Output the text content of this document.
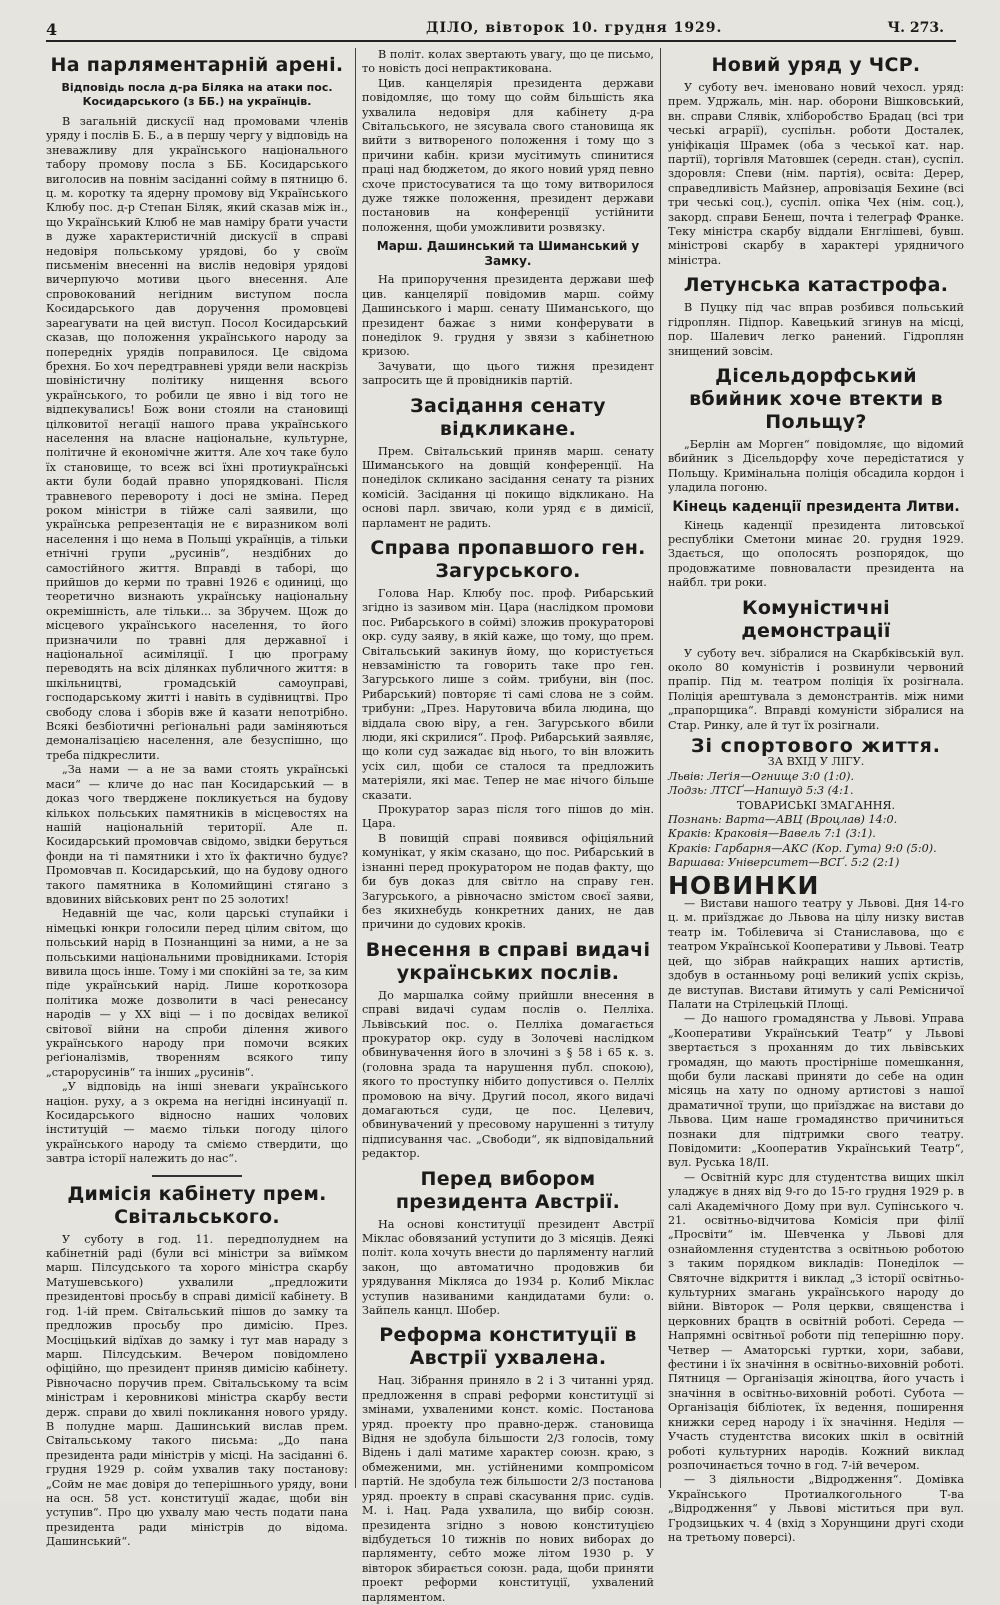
4	ДІЛО, вівторок 10. грудня 1929.	Ч. 273.
На парляментарній арені.
Відповідь посла д-ра Біляка на атаки пос. Косидарського (з ББ.) на українців.

В загальній дискусії над промовами членів уряду і послів Б. Б., а в першу чергу у відповідь на зневажливу для українського національного табору промову посла з ББ. Косидарського виголосив на повнім засіданні сойму в пятницю 6. ц. м. коротку та ядерну промову від Українського Клюбу пос. д-р Степан Біляк, який сказав між ін., що Український Клюб не мав наміру брати участи в дуже характеристичній дискусії в справі недовіря польському урядові, бо у своїм письменім внесенні на вислів недовіря урядові вичерпуючо мотиви цього внесення. Але спровокований негідним виступом посла Косидарського дав доручення промовцеві зареагувати на цей виступ. Посол Косидарський сказав, що положення українського народу за попередніх урядів поправилося. Це свідома брехня. Бо хоч передтравневі уряди вели наскрізь шовіністичну політику нищення всього українського, то робили це явно і від того не відпекувались! Бож вони стояли на становищі цілковитої негації нашого права українського населення на власне національне, культурне, політичне й економічне життя. Але хоч таке було їх становище, то всеж всі їхні протиукраїнські акти були бодай правно упорядковані. Після травневого перевороту і досі не зміна. Перед роком міністри в тійже салі заявили, що українська репрезентація не є виразником волі населення і що нема в Польщі українців, а тільки етнічні групи „русинів“, нездібних до самостійного життя. Вправді в таборі, що прийшов до керми по травні 1926 є одиниці, що теоретично визнають українську національну окремішність, але тільки... за Збручем. Щож до місцевого українського населення, то його призначили по травні для державної і національної асиміляції. І цю програму переводять на всіх ділянках публичного життя: в шкільництві, громадській самоуправі, господарському житті і навіть в судівництві. Про свободу слова і зборів вже й казати непотрібно. Всякі безбіотичні реґіональні ради заміняються демоналізацією населення, але безуспішно, що треба підкреслити.

„За нами — а не за вами стоять українські маси“ — кличе до нас пан Косидарський — в доказ чого тверджене покликується на будову кількох польських памятників в місцевостях на нашій національній території. Але п. Косидарський промовчав свідомо, звідки беруться фонди на ті памятники і хто їх фактично будує? Промовчав п. Косидарський, що на будову одного такого памятника в Коломийщині стягано з вдовиних військових рент по 25 золотих!

Недавній ще час, коли царські ступайки і німецькі юнкри голосили перед цілим світом, що польський нарід в Познанщині за ними, а не за польськими національними провідниками. Історія вивила щось інше. Тому і ми спокійні за те, за ким піде український нарід. Лише короткозора політика може дозволити в часі ренесансу народів — у XX віці — і по досвідах великої світової війни на спроби ділення живого українського народу при помочи всяких реґіоналізмів, творенням всякого типу „старорусинів“ та інших „русинів“.

„У відповідь на інші зневаги українського націон. руху, а з окрема на негідні інсинуації п. Косидарського відносно наших чолових інституцій — маємо тільки погоду цілого українського народу та сміємо ствердити, що завтра історії належить до нас“.

Димісія кабінету прем. Світальського.

У суботу в год. 11. передполуднем на кабінетній раді (були всі міністри за виїмком марш. Пілсудського та хорого міністра скарбу Матушевського) ухвалили „предложити президентові просьбу в справі димісії кабінету. В год. 1-ій прем. Світальський пішов до замку та предложив просьбу про димісію. През. Мосціцький відїхав до замку і тут мав нараду з марш. Пілсудським. Вечером повідомлено офіційно, що президент приняв димісію кабінету. Рівночасно поручив прем. Світальському та всім міністрам і керовникові міністра скарбу вести держ. справи до хвилі покликання нового уряду. В полудне марш. Дашинський вислав прем. Світальському такого письма: „До пана президента ради міністрів у місці. На засіданні 6. грудня 1929 р. сойм ухвалив таку постанову: „Сойм не має довіря до теперішнього уряду, вони на осн. 58 уст. конституції жадає, щоби він уступив“. Про цю ухвалу маю честь подати пана президента ради міністрів до відома. Дашинський“.

В політ. колах звертають увагу, що це письмо, то новість досі непрактикована.

Цив. канцелярія президента держави повідомляє, що тому що сойм більшість яка ухвалила недовіря для кабінету д-ра Світальського, не зясувала свого становища як вийти з витвореного положення і тому що з причини кабін. кризи мусітимуть спинитися праці над бюджетом, до якого новий уряд певно схоче пристосуватися та що тому витворилося дуже тяжке положення, президент держави постановив на конференції устійнити положення, щоби уможливити розвязку.

Марш. Дашинський та Шиманський у Замку.

На припоручення президента держави шеф цив. канцелярії повідомив марш. сойму Дашинського і марш. сенату Шиманського, що президент бажає з ними конферувати в понеділок 9. грудня у звязи з кабінетною кризою.

Зачувати, що цього тижня президент запросить ще й провідників партій.

Засідання сенату відкликане.

Прем. Світальський приняв марш. сенату Шиманського на довщій конференції. На понеділок скликано засідання сенату та різних комісій. Засідання ці покищо відкликано. На основі парл. звичаю, коли уряд є в димісії, парламент не радить.

Справа пропавшого ген. Загурського.

Голова Нар. Клюбу пос. проф. Рибарський згідно із зазивом мін. Цара (наслідком промови пос. Рибарського в соймі) зложив прокураторові окр. суду заяву, в якій каже, що тому, що прем. Світальський закинув йому, що користується невзаміністю та говорить таке про ген. Загурського лише з сойм. трибуни, він (пос. Рибарський) повторяє ті самі слова не з сойм. трибуни: „През. Нарутовича вбила людина, що віддала свою віру, а ген. Загурського вбили люди, які скрилися“. Проф. Рибарський заявляє, що коли суд зажадає від нього, то він вложить усіх сил, щоби се сталося та предложить матеріяли, які має. Тепер не має нічого більше сказати.

Прокуратор зараз після того пішов до мін. Цара.

В повищій справі появився офіціяльний комунікат, у якім сказано, що пос. Рибарський в ізнанні перед прокуратором не подав факту, що би був доказ для світло на справу ген. Загурського, а рівночасно змістом своєї заяви, без якихнебудь конкретних даних, не дав причини до судових кроків.

Внесення в справі видачі українських послів.

До маршалка сойму прийшли внесення в справі видачі судам послів о. Пелліха. Львівський пос. о. Пелліха домагається прокуратор окр. суду в Золочеві наслідком обвинувачення його в злочині з § 58 і 65 к. з. (головна зрада та нарушення публ. спокою), якого то проступку нібито допустився о. Пелліх промовою на вічу. Другий посол, якого видачі домагаються суди, це пос. Целевич, обвинувачений у пресовому нарушенні з титулу підписування час. „Свободи“, як відповідальний редактор.

Перед вибором президента Австрії.

На основі конституції президент Австрії Міклас обовязаний уступити до 3 місяців. Деякі політ. кола хочуть внести до парляменту наглий закон, що автоматично продовжив би урядування Мікляса до 1934 р. Колиб Міклас уступив називаними кандидатами були: о. Зайпель канцл. Шобер.

Реформа конституції в Австрії ухвалена.

Нац. Зібрання приняло в 2 і 3 читанні уряд. предложення в справі реформи конституції зі змінами, ухваленими конст. коміс. Постанова уряд. проекту про правно-держ. становища Відня не здобула більшости 2/3 голосів, тому Відень і далі матиме характер союзн. краю, з обмеженими, мн. устійненими компромісом партій. Не здобула теж більшости 2/3 постанова уряд. проекту в справі скасування прис. судів. М. і. Нац. Рада ухвалила, що вибір союзн. президента згідно з новою конституцією відбудеться 10 тижнів по нових виборах до парляменту, себто може літом 1930 р. У вівторок збирається союзн. рада, щоби приняти проект реформи конституції, ухвалений парляментом.

Новий уряд у ЧСР.

У суботу веч. іменовано новий чехосл. уряд: прем. Удржаль, мін. нар. оборони Вішковський, вн. справи Слявік, хліборобство Брадац (всі три чеські аграрії), суспільн. роботи Досталек, уніфікація Шрамек (оба з чеської кат. нар. партії), торгівля Матовшек (середн. стан), суспіл. здоровля: Спеви (нім. партія), освіта: Дерер, справедливість Майзнер, апровізація Бехине (всі три чеські соц.), суспіл. опіка Чех (нім. соц.), закорд. справи Бенеш, почта і телеграф Франке. Теку міністра скарбу віддали Енглішеві, бувш. міністрові скарбу в характері урядничого міністра.

Летунська катастрофа.

В Пуцку під час вправ розбився польський гідроплян. Підпор. Кавецький згинув на місці, пор. Шалевич легко ранений. Гідроплян знищений зовсім.

Дісельдорфський вбийник хоче втекти в Польщу?

„Берлін ам Морген“ повідомляє, що відомий вбийник з Дісельдорфу хоче передістатися у Польщу. Кримінальна поліція обсадила кордон і уладила погоню.

Кінець каденції президента Литви.

Кінець каденції президента литовської республіки Сметони минає 20. грудня 1929. Здається, що ополосять розпорядок, що продовжатиме повноваласти президента на найбл. три роки.

Комуністичні демонстрації

У суботу веч. зібралися на Скарбківській вул. около 80 комуністів і розвинули червоний прапір. Під м. театром поліція їх розігнала. Поліція арештувала з демонстрантів. між ними „прапорщика“. Вправді комуністи зібралися на Стар. Ринку, але й тут їх розігнали.

Зі спортового життя.

ЗА ВХІД У ЛІГУ.

Львів: Леґія—Огнище 3:0 (1:0).

Лодзь: ЛТСҐ—Напшуд 5:3 (4:1.

ТОВАРИСЬКІ ЗМАГАННЯ.

Познань: Варта—АВЦ (Вроцлав) 14:0.

Краків: Краковія—Вавель 7:1 (3:1).

Краків: Гарбарня—АКС (Кор. Гута) 9:0 (5:0).

Варшава: Університет—ВСҐ. 5:2 (2:1)

НОВИНКИ

— Вистави нашого театру у Львові. Дня 14-го ц. м. приїзджає до Львова на цілу низку вистав театр ім. Тобілевича зі Станиславова, що є театром Української Кооперативи у Львові. Театр цей, що зібрав найкращих наших артистів, здобув в останньому році великий успіх скрізь, де виступав. Вистави йтимуть у салі Ремісничої Палати на Стрілецькій Площі.

— До нашого громадянства у Львові. Управа „Кооперативи Український Театр“ у Львові звертається з проханням до тих львівських громадян, що мають простірніше помешкання, щоби були ласкаві приняти до себе на один місяць на хату по одному артистові з нашої драматичної трупи, що приїзджає на вистави до Львова. Цим наше громадянство причиниться познаки для підтримки свого театру. Повідомити: „Кооператив Український Театр“, вул. Руська 18/II.

— Освітній курс для студентства вищих шкіл уладжує в днях від 9-го до 15-го грудня 1929 р. в салі Академічного Дому при вул. Супінського ч. 21. освітньо-відчитова Комісія при філії „Просвіти“ ім. Шевченка у Львові для ознайомлення студентства з освітньою роботою з таким порядком викладів: Понеділок — Святочне відкриття і виклад „З історії освітньо-культурних змагань українського народу до війни. Вівторок — Роля церкви, священства і церковних брацтв в освітній роботі. Середа — Напрямні освітньої роботи під теперішню пору. Четвер — Аматорські гуртки, хори, забави, фестини і їх значіння в освітньо-виховній роботі. Пятниця — Організація жіноцтва, його участь і значіння в освітньо-виховній роботі. Субота — Організація бібліотек, їх ведення, поширення книжки серед народу і їх значіння. Неділя — Участь студентства високих шкіл в освітній роботі культурних народів. Кожний виклад розпочинається точно в год. 7-ій вечером.

— З діяльности „Відродження“. Домівка Українського Протиалкогольного Т-ва „Відродження“ у Львові міститься при вул. Гродзицьких ч. 4 (вхід з Хорунщини другі сходи на третьому поверсі).
